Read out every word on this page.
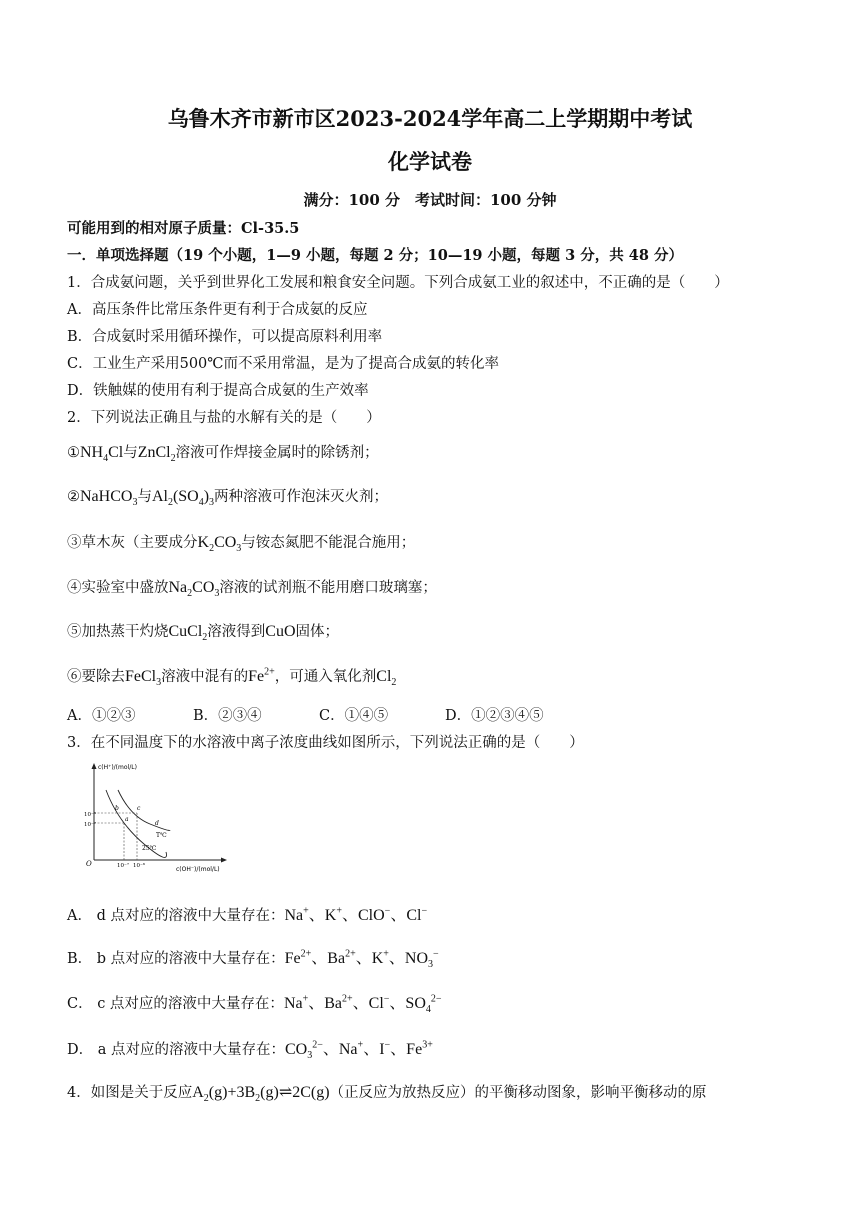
乌鲁木齐市新市区2023-2024学年高二上学期期中考试
化学试卷
满分：100 分　考试时间：100 分钟
可能用到的相对原子质量：Cl-35.5
一．单项选择题（19 个小题，1—9 小题，每题 2 分；10—19 小题，每题 3 分，共 48 分）
1．合成氨问题，关乎到世界化工发展和粮食安全问题。下列合成氨工业的叙述中，不正确的是（　　）
A．高压条件比常压条件更有利于合成氨的反应
B．合成氨时采用循环操作，可以提高原料利用率
C．工业生产采用500℃而不采用常温，是为了提高合成氨的转化率
D．铁触媒的使用有利于提高合成氨的生产效率
2．下列说法正确且与盐的水解有关的是（　　）
$①NH_4Cl$与ZnCl$_2$溶液可作焊接金属时的除锈剂；
②NaHCO$_3$与$Al_2(SO_4)_3$两种溶液可作泡沫灭火剂；
③草木灰（主要成分$K_2CO_3$与铵态氮肥不能混合施用；
④实验室中盛放$Na_2CO_3$溶液的试剂瓶不能用磨口玻璃塞；
⑤加热蒸干灼烧CuCl$_2$溶液得到CuO固体；
⑥要除去FeCl$_3$溶液中混有的$Fe^{2+}$，可通入氧化剂$Cl_2$
A．①②③	B．②③④	C．①④⑤	D．①②③④⑤
3．在不同温度下的水溶液中离子浓度曲线如图所示，下列说法正确的是（　　）
c(H⁺)/(mol/L)
c(OH⁻)/(mol/L)
O
10⁻⁶
10⁻⁷
10⁻⁷ 10⁻⁶
b	c
a
d
T℃
25℃
A． d 点对应的溶液中大量存在：Na+、K+、ClO−、Cl−
B． b 点对应的溶液中大量存在：$Fe^{2+}$、$Ba^{2+}$、K+、$NO_3^-$
C． c 点对应的溶液中大量存在：Na+、$Ba^{2+}$、Cl−、$SO_4^{2-}$
D． a 点对应的溶液中大量存在：$CO_3^{2-}$、Na+、I−、$Fe^{3+}$
4．如图是关于反应$A_2(g)+3B_2(g)\rightleftharpoons 2C(g)$（正反应为放热反应）的平衡移动图象，影响平衡移动的原
